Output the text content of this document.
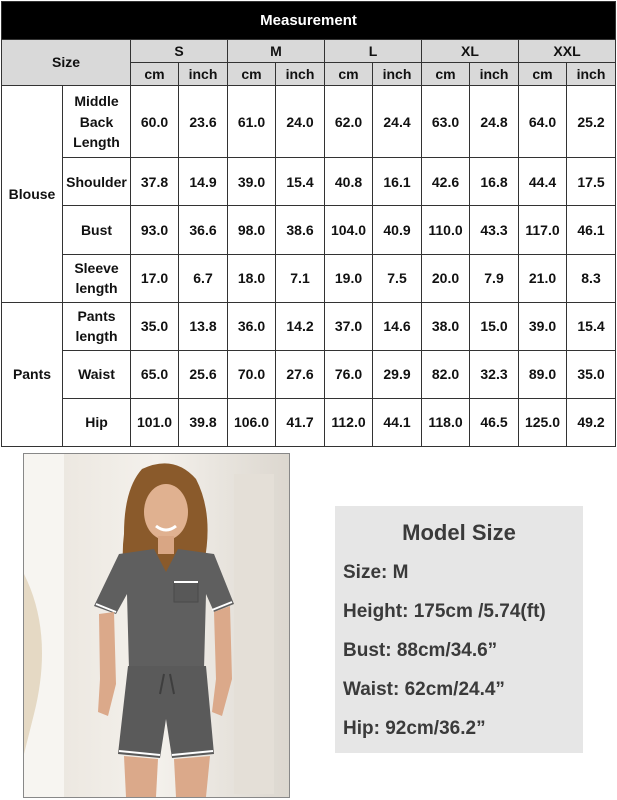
Measurement											
Size		S		M		L		XL		XXL	
		cm	inch	cm	inch	cm	inch	cm	inch	cm	inch
Blouse	Middle
Back
Length	60.0	23.6	61.0	24.0	62.0	24.4	63.0	24.8	64.0	25.2

	Shoulder	37.8	14.9	39.0	15.4	40.8	16.1	42.6	16.8	44.4	17.5

	Bust	93.0	36.6	98.0	38.6	104.0	40.9	110.0	43.3	117.0	46.1

	Sleeve
length	17.0	6.7	18.0	7.1	19.0	7.5	20.0	7.9	21.0	8.3
Pants	Pants
length	35.0	13.8	36.0	14.2	37.0	14.6	38.0	15.0	39.0	15.4

	Waist	65.0	25.6	70.0	27.6	76.0	29.9	82.0	32.3	89.0	35.0

	Hip	101.0	39.8	106.0	41.7	112.0	44.1	118.0	46.5	125.0	49.2
Model Size
Size: M
Height: 175cm /5.74(ft)
Bust: 88cm/34.6”
Waist: 62cm/24.4”
Hip: 92cm/36.2”
